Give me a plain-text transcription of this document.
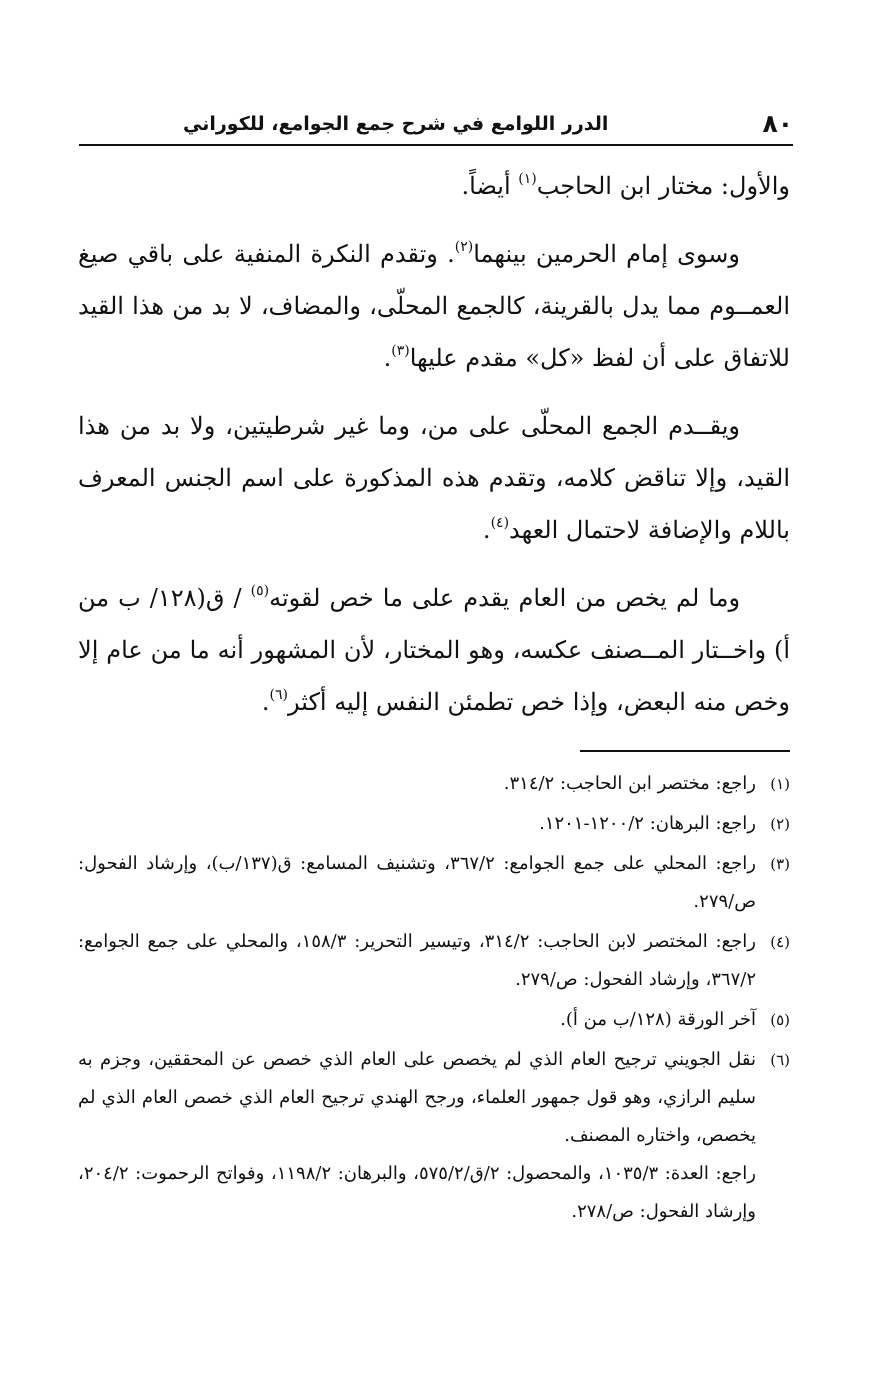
٨٠
الدرر اللوامع في شرح جمع الجوامع، للكوراني

والأول: مختار ابن الحاجب$^{(١)}$ أيضاً.

وسوى إمام الحرمين بينهما$^{(٢)}$. وتقدم النكرة المنفية على باقي صيغ العمــوم مما يدل بالقرينة، كالجمع المحلّى، والمضاف، لا بد من هذا القيد للاتفاق على أن لفظ «كل» مقدم عليها$^{(٣)}$.

ويقــدم الجمع المحلّى على من، وما غير شرطيتين، ولا بد من هذا القيد، وإلا تناقض كلامه، وتقدم هذه المذكورة على اسم الجنس المعرف باللام والإضافة لاحتمال العهد$^{(٤)}$.

وما لم يخص من العام يقدم على ما خص لقوته$^{(٥)}$ / ق(١٢٨/ ب من أ) واخــتار المــصنف عكسه، وهو المختار، لأن المشهور أنه ما من عام إلا وخص منه البعض، وإذا خص تطمئن النفس إليه أكثر$^{(٦)}$.

(١)
راجع: مختصر ابن الحاجب: ٣١٤/٢.
(٢)
راجع: البرهان: ١٢٠٠/٢-١٢٠١.
(٣)
راجع: المحلي على جمع الجوامع: ٣٦٧/٢، وتشنيف المسامع: ق(١٣٧/ب)، وإرشاد الفحول: ص/٢٧٩.
(٤)
راجع: المختصر لابن الحاجب: ٣١٤/٢، وتيسير التحرير: ١٥٨/٣، والمحلي على جمع الجوامع: ٣٦٧/٢، وإرشاد الفحول: ص/٢٧٩.
(٥)
آخر الورقة (١٢٨/ب من أ).
(٦)
نقل الجويني ترجيح العام الذي لم يخصص على العام الذي خصص عن المحققين، وجزم به سليم الرازي، وهو قول جمهور العلماء، ورجح الهندي ترجيح العام الذي خصص العام الذي لم يخصص، واختاره المصنف.
راجع: العدة: ١٠٣٥/٣، والمحصول: ٢/ق/٥٧٥/٢، والبرهان: ١١٩٨/٢، وفواتح الرحموت: ٢٠٤/٢، وإرشاد الفحول: ص/٢٧٨.
